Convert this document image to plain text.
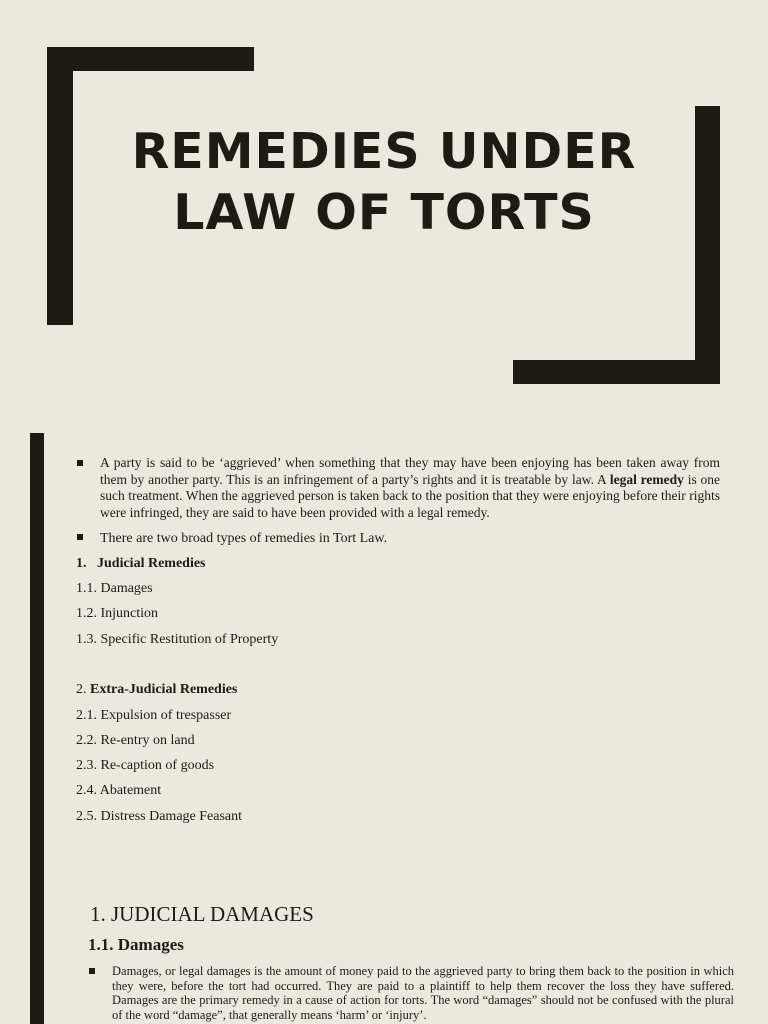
REMEDIES UNDER
LAW OF TORTS
A party is said to be ‘aggrieved’ when something that they may have been enjoying has been taken away from them by another party. This is an infringement of a party’s rights and it is treatable by law. A legal remedy is one such treatment. When the aggrieved person is taken back to the position that they were enjoying before their rights were infringed, they are said to have been provided with a legal remedy.
There are two broad types of remedies in Tort Law.
1. Judicial Remedies
1.1. Damages
1.2. Injunction
1.3. Specific Restitution of Property
2. Extra-Judicial Remedies
2.1. Expulsion of trespasser
2.2. Re-entry on land
2.3. Re-caption of goods
2.4. Abatement
2.5. Distress Damage Feasant
1. JUDICIAL DAMAGES
1.1. Damages
Damages, or legal damages is the amount of money paid to the aggrieved party to bring them back to the position in which they were, before the tort had occurred. They are paid to a plaintiff to help them recover the loss they have suffered. Damages are the primary remedy in a cause of action for torts. The word “damages” should not be confused with the plural of the word “damage”, that generally means ‘harm’ or ‘injury’.
